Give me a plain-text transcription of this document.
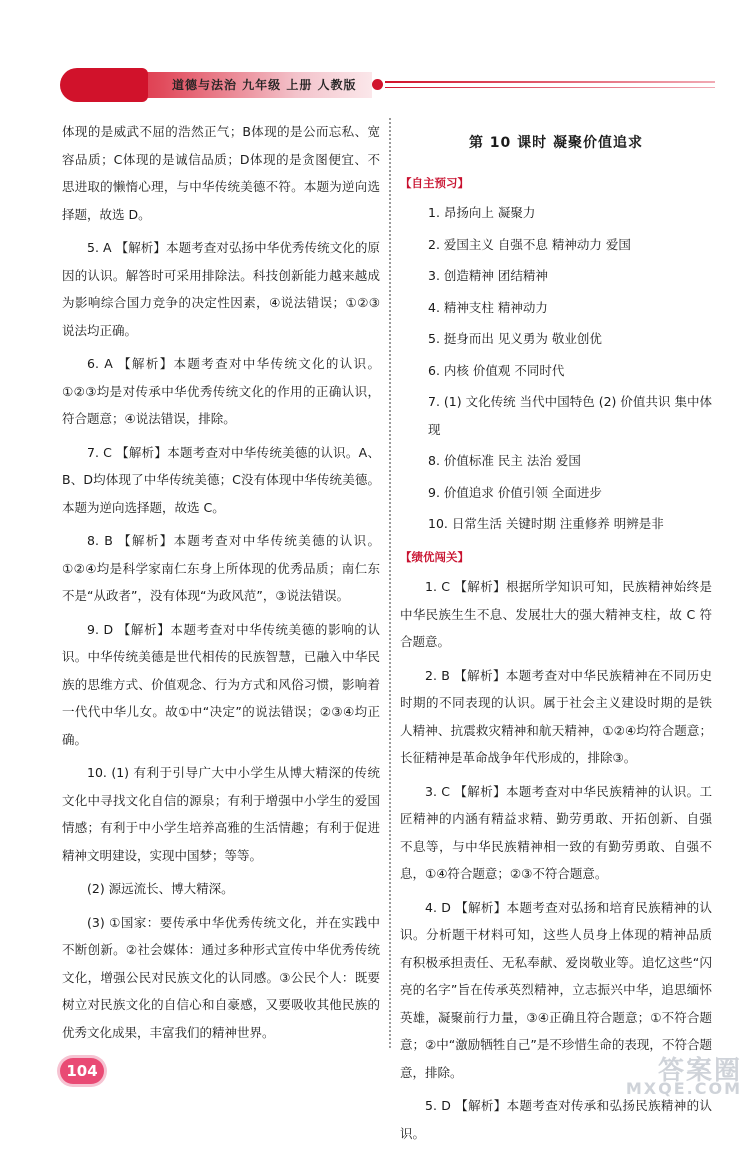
道德与法治 九年级 上册 人教版

体现的是威武不屈的浩然正气；B体现的是公而忘私、宽容品质；C体现的是诚信品质；D体现的是贪图便宜、不思进取的懒惰心理，与中华传统美德不符。本题为逆向选择题，故选 D。

5. A 【解析】本题考查对弘扬中华优秀传统文化的原因的认识。解答时可采用排除法。科技创新能力越来越成为影响综合国力竞争的决定性因素，④说法错误；①②③说法均正确。

6. A 【解析】本题考查对中华传统文化的认识。①②③均是对传承中华优秀传统文化的作用的正确认识，符合题意；④说法错误，排除。

7. C 【解析】本题考查对中华传统美德的认识。A、B、D均体现了中华传统美德；C没有体现中华传统美德。本题为逆向选择题，故选 C。

8. B 【解析】本题考查对中华传统美德的认识。①②④均是科学家南仁东身上所体现的优秀品质；南仁东不是“从政者”，没有体现“为政风范”，③说法错误。

9. D 【解析】本题考查对中华传统美德的影响的认识。中华传统美德是世代相传的民族智慧，已融入中华民族的思维方式、价值观念、行为方式和风俗习惯，影响着一代代中华儿女。故①中“决定”的说法错误；②③④均正确。

10. (1) 有利于引导广大中小学生从博大精深的传统文化中寻找文化自信的源泉；有利于增强中小学生的爱国情感；有利于中小学生培养高雅的生活情趣；有利于促进精神文明建设，实现中国梦；等等。

(2) 源远流长、博大精深。

(3) ①国家：要传承中华优秀传统文化，并在实践中不断创新。②社会媒体：通过多种形式宣传中华优秀传统文化，增强公民对民族文化的认同感。③公民个人：既要树立对民族文化的自信心和自豪感，又要吸收其他民族的优秀文化成果，丰富我们的精神世界。

第 10 课时 凝聚价值追求
【自主预习】

1. 昂扬向上 凝聚力

2. 爱国主义 自强不息 精神动力 爱国

3. 创造精神 团结精神

4. 精神支柱 精神动力

5. 挺身而出 见义勇为 敬业创优

6. 内核 价值观 不同时代

7. (1) 文化传统 当代中国特色 (2) 价值共识 集中体现

8. 价值标准 民主 法治 爱国

9. 价值追求 价值引领 全面进步

10. 日常生活 关键时期 注重修养 明辨是非

【绩优闯关】

1. C 【解析】根据所学知识可知，民族精神始终是中华民族生生不息、发展壮大的强大精神支柱，故 C 符合题意。

2. B 【解析】本题考查对中华民族精神在不同历史时期的不同表现的认识。属于社会主义建设时期的是铁人精神、抗震救灾精神和航天精神，①②④均符合题意；长征精神是革命战争年代形成的，排除③。

3. C 【解析】本题考查对中华民族精神的认识。工匠精神的内涵有精益求精、勤劳勇敢、开拓创新、自强不息等，与中华民族精神相一致的有勤劳勇敢、自强不息，①④符合题意；②③不符合题意。

4. D 【解析】本题考查对弘扬和培育民族精神的认识。分析题干材料可知，这些人员身上体现的精神品质有积极承担责任、无私奉献、爱岗敬业等。追忆这些“闪亮的名字”旨在传承英烈精神，立志振兴中华，追思缅怀英雄，凝聚前行力量，③④正确且符合题意；①不符合题意；②中“激励牺牲自己”是不珍惜生命的表现，不符合题意，排除。

5. D 【解析】本题考查对传承和弘扬民族精神的认识。

104	答案圈
MXQE.COM
